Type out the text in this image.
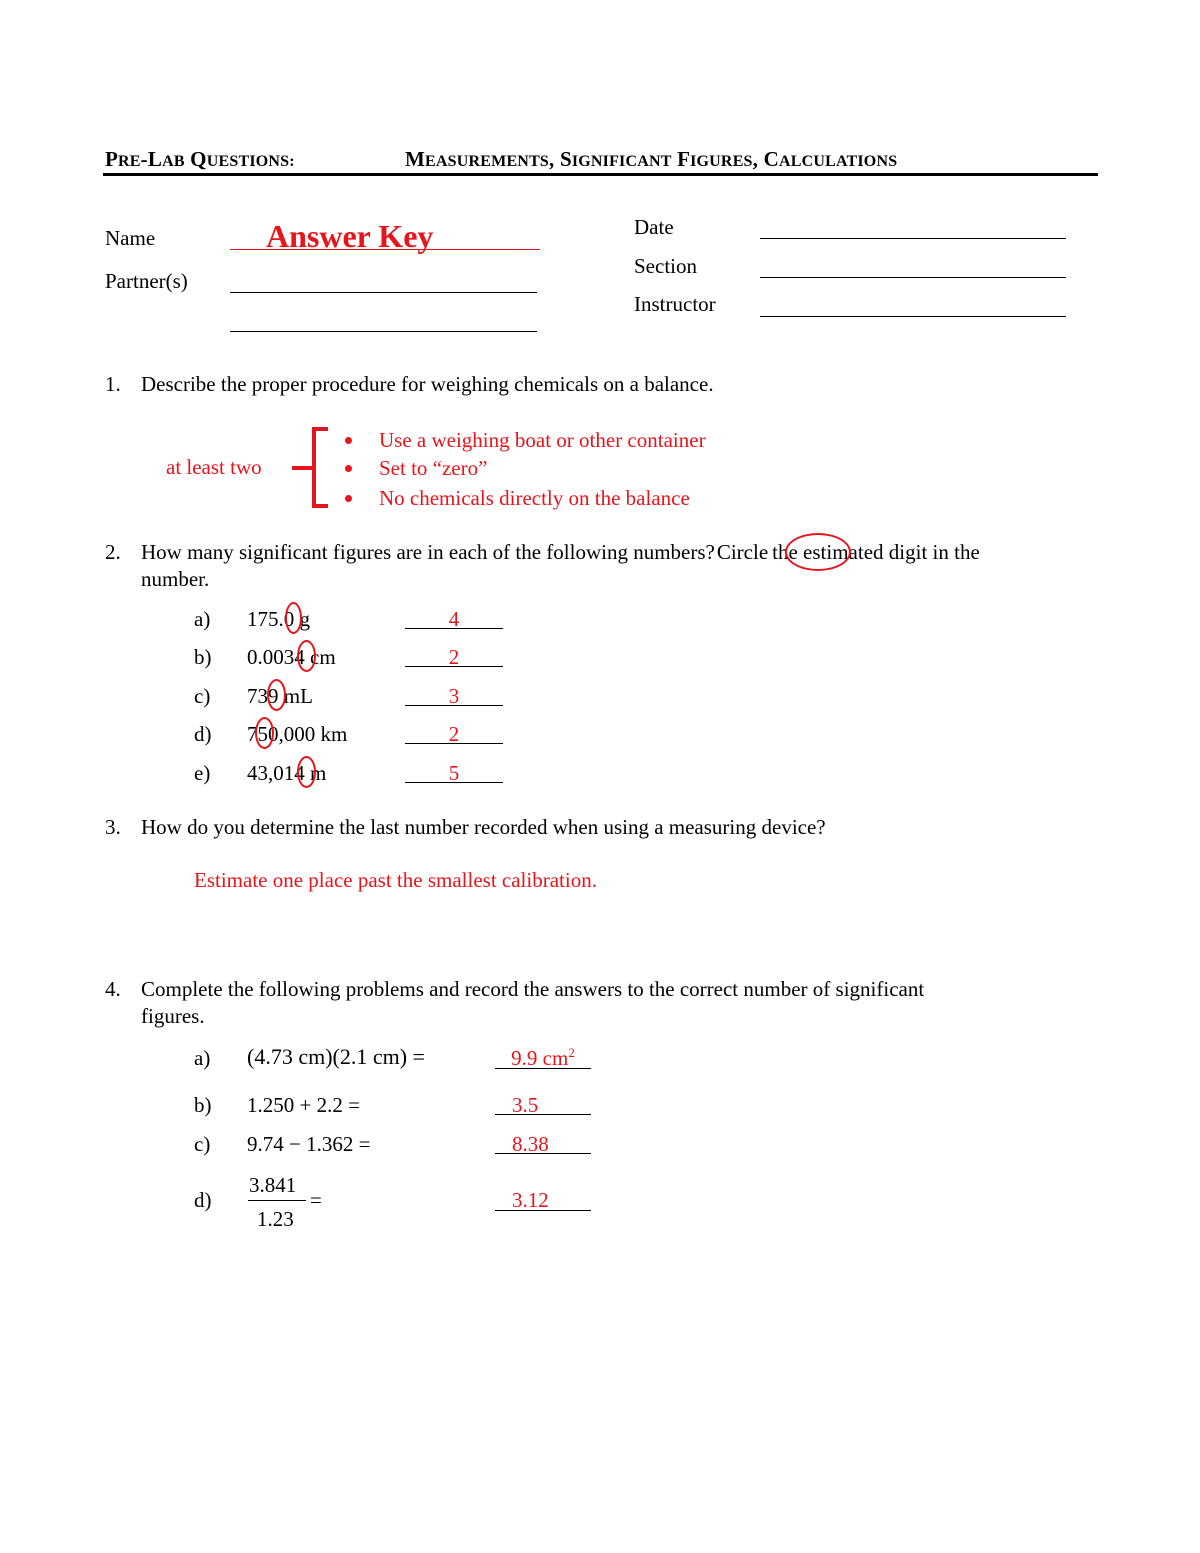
PRE-LAB QUESTIONS:	MEASUREMENTS, SIGNIFICANT FIGURES, CALCULATIONS
Name	Answer Key
Partner(s)
Date
Section
Instructor
1. Describe the proper procedure for weighing chemicals on a balance.
at least two
Use a weighing boat or other container
Set to “zero”
No chemicals directly on the balance
2. How many significant figures are in each of the following numbers?Circle the estimated digit in the
number.
a) 175.0 g	4
b) 0.0034 cm	2
c) 739 mL	3
d) 750,000 km	2
e) 43,014 m	5
3. How do you determine the last number recorded when using a measuring device?
Estimate one place past the smallest calibration.
4. Complete the following problems and record the answers to the correct number of significant
figures.
a) (4.73 cm)(2.1 cm) =	9.9 $cm^2$
b) 1.250 + 2.2 =	3.5
c) 9.74 − 1.362 =	8.38
d)
3.841
1.23
=	3.12
